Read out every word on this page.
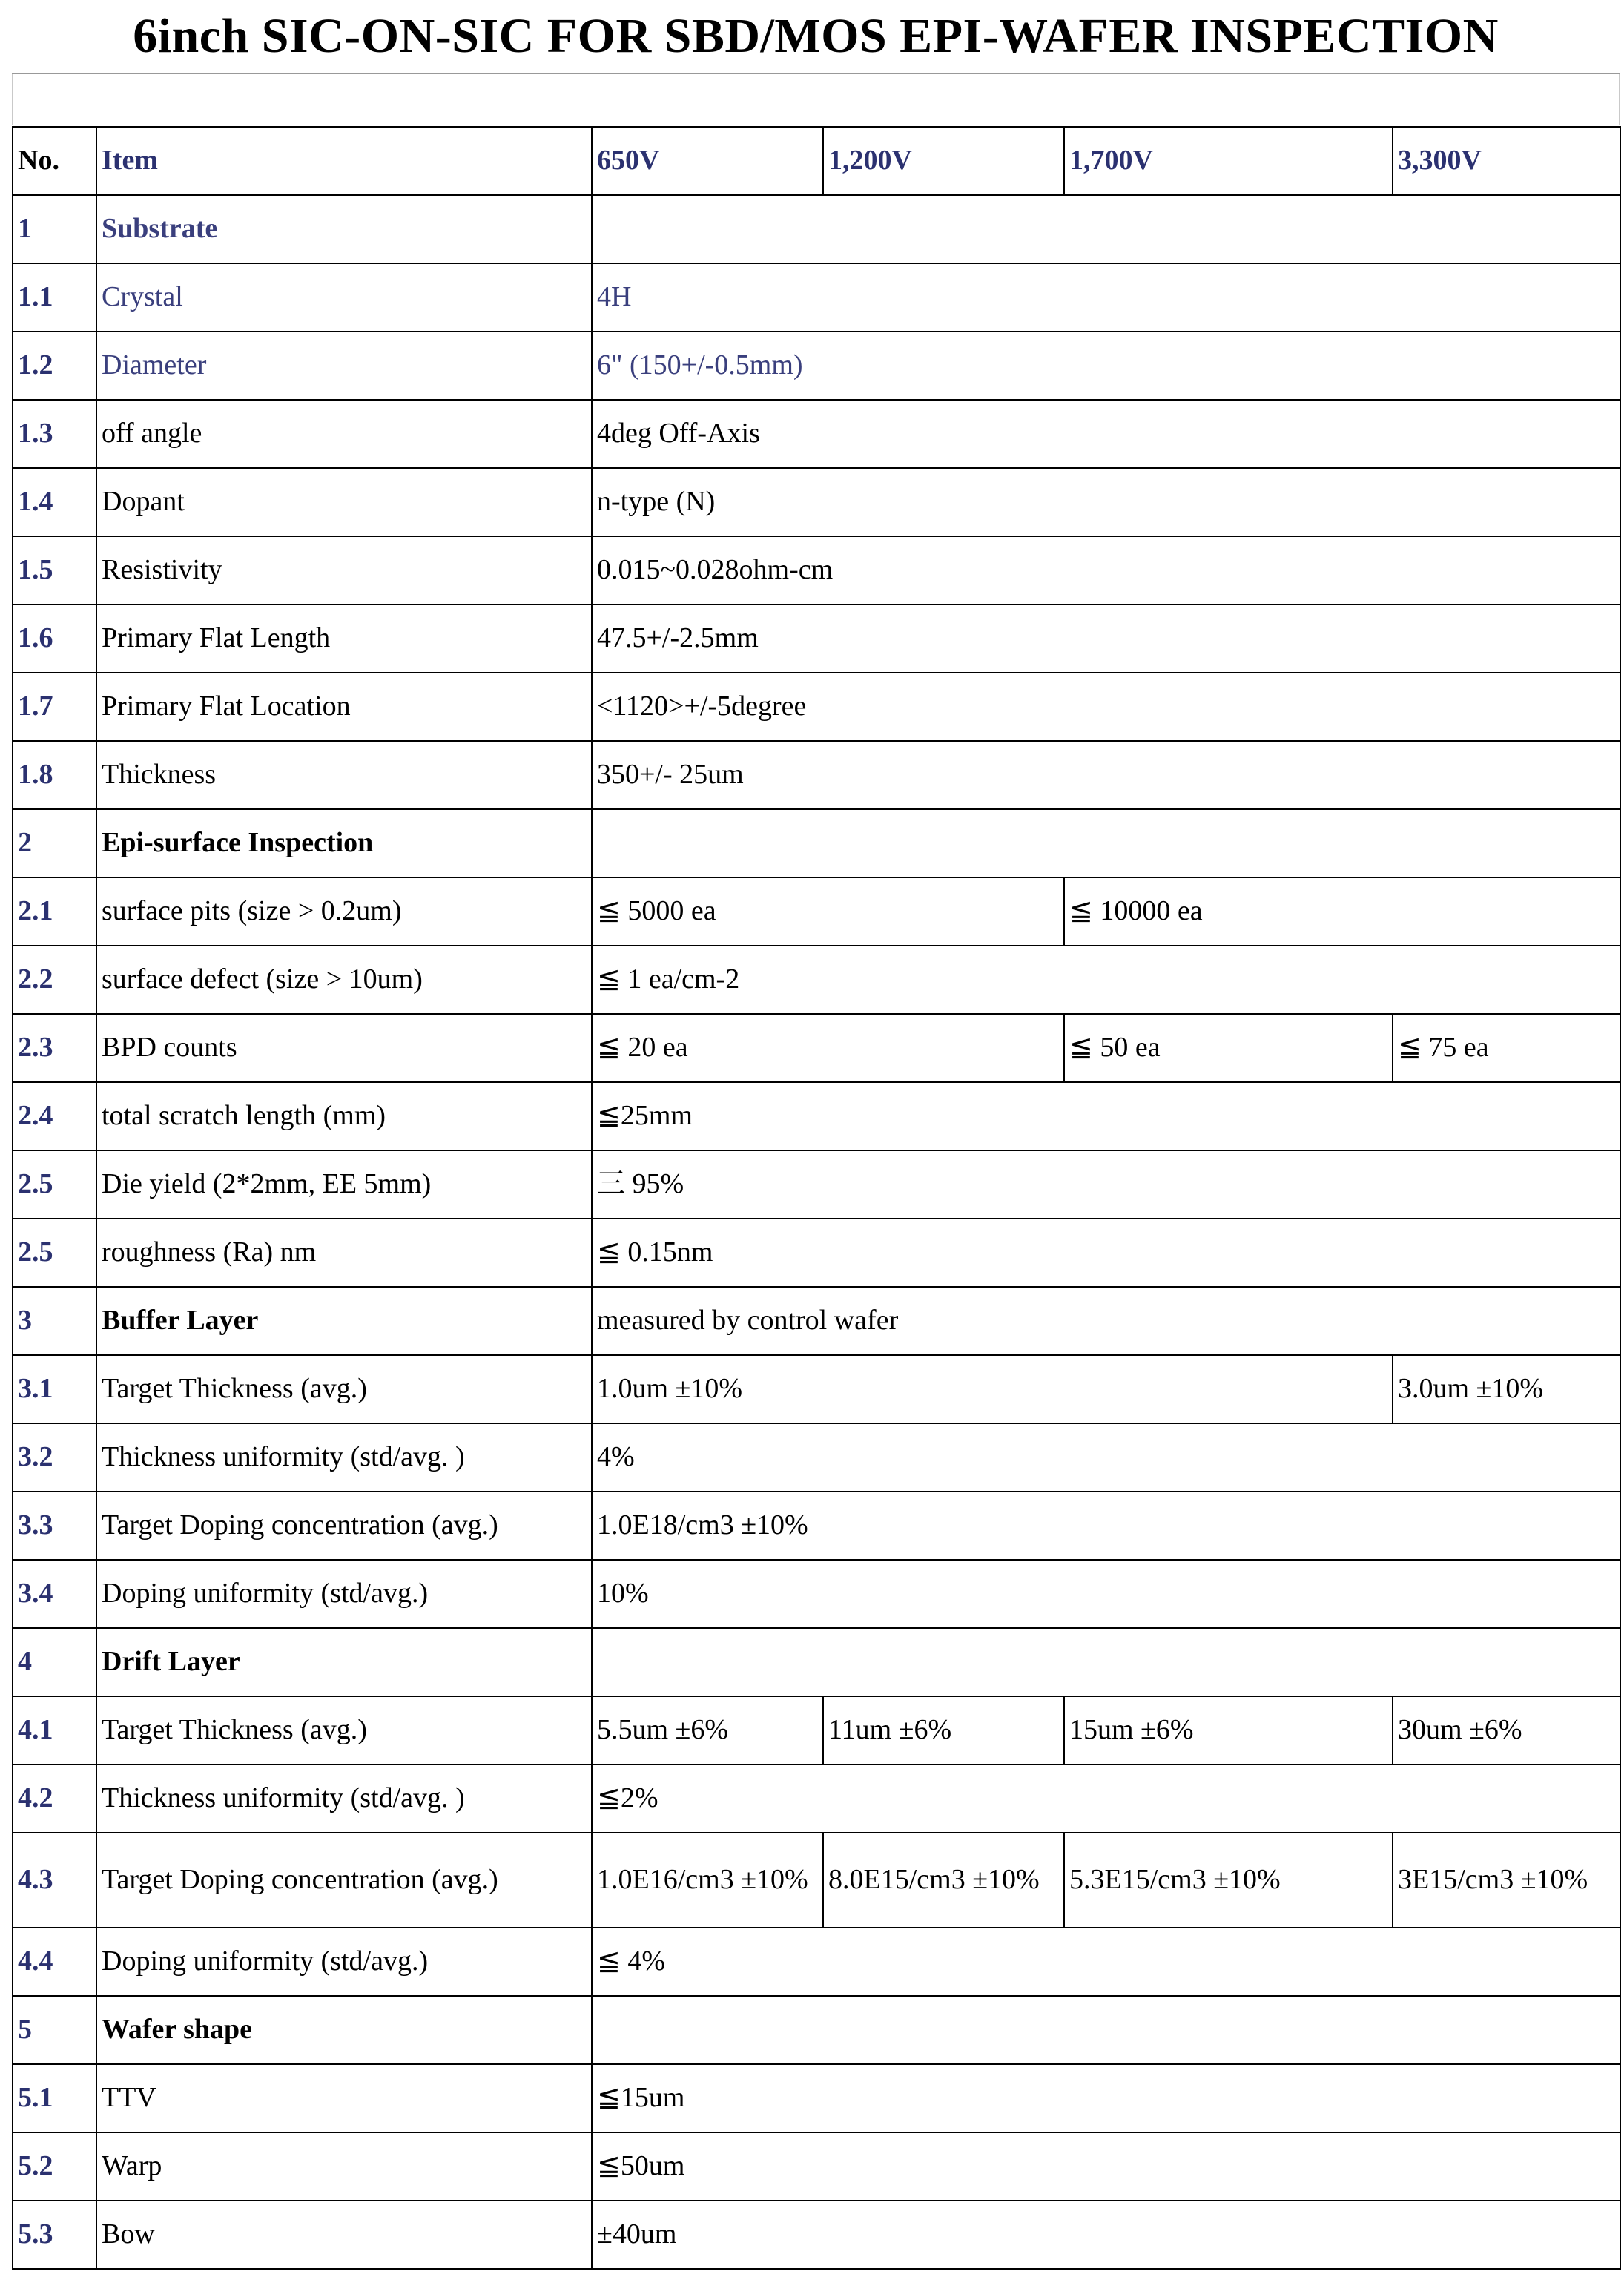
6inch SIC-ON-SIC FOR SBD/MOS EPI-WAFER INSPECTION
No.	Item	650V	1,200V	1,700V	3,300V
1	Substrate				
1.1	Crystal	4H			
1.2	Diameter	6" (150+/-0.5mm)			
1.3	off angle	4deg Off-Axis			
1.4	Dopant	n-type (N)			
1.5	Resistivity	0.015~0.028ohm-cm			
1.6	Primary Flat Length	47.5+/-2.5mm			
1.7	Primary Flat Location	<1120>+/-5degree			
1.8	Thickness	350+/- 25um			
2	Epi-surface Inspection				
2.1	surface pits (size > 0.2um)	≦ 5000 ea		≦ 10000 ea	
2.2	surface defect (size > 10um)	≦ 1 ea/cm-2			
2.3	BPD counts	≦ 20 ea		≦ 50 ea	≦ 75 ea
2.4	total scratch length (mm)	≦25mm			
2.5	Die yield (2*2mm, EE 5mm)	三 95%			
2.5	roughness (Ra) nm	≦ 0.15nm			
3	Buffer Layer	measured by control wafer			
3.1	Target Thickness (avg.)	1.0um ±10%			3.0um ±10%
3.2	Thickness uniformity (std/avg. )	4%			
3.3	Target Doping concentration (avg.)	1.0E18/cm3 ±10%			
3.4	Doping uniformity (std/avg.)	10%			
4	Drift Layer				
4.1	Target Thickness (avg.)	5.5um ±6%	11um ±6%	15um ±6%	30um ±6%
4.2	Thickness uniformity (std/avg. )	≦2%			
4.3	Target Doping concentration (avg.)	1.0E16/cm3 ±10%	8.0E15/cm3 ±10%	5.3E15/cm3 ±10%	3E15/cm3 ±10%
4.4	Doping uniformity (std/avg.)	≦ 4%			
5	Wafer shape				
5.1	TTV	≦15um			
5.2	Warp	≦50um			
5.3	Bow	±40um			
